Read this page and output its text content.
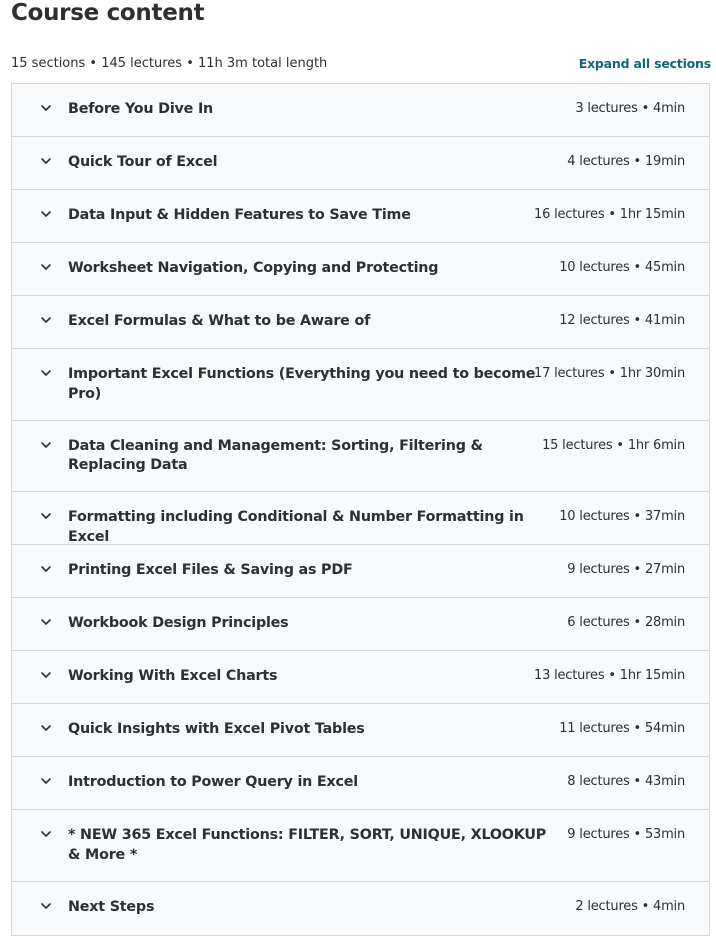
Course content
15 sections • 145 lectures • 11h 3m total length	Expand all sections
Before You Dive In	3 lectures • 4min
Quick Tour of Excel	4 lectures • 19min
Data Input & Hidden Features to Save Time	16 lectures • 1hr 15min
Worksheet Navigation, Copying and Protecting	10 lectures • 45min
Excel Formulas & What to be Aware of	12 lectures • 41min
Important Excel Functions (Everything you need to become Pro)
17 lectures • 1hr 30min
Data Cleaning and Management: Sorting, Filtering & Replacing Data
15 lectures • 1hr 6min
Formatting including Conditional & Number Formatting in Excel
10 lectures • 37min
Printing Excel Files & Saving as PDF	9 lectures • 27min
Workbook Design Principles	6 lectures • 28min
Working With Excel Charts	13 lectures • 1hr 15min
Quick Insights with Excel Pivot Tables	11 lectures • 54min
Introduction to Power Query in Excel	8 lectures • 43min
* NEW 365 Excel Functions: FILTER, SORT, UNIQUE, XLOOKUP & More *
9 lectures • 53min
Next Steps	2 lectures • 4min
